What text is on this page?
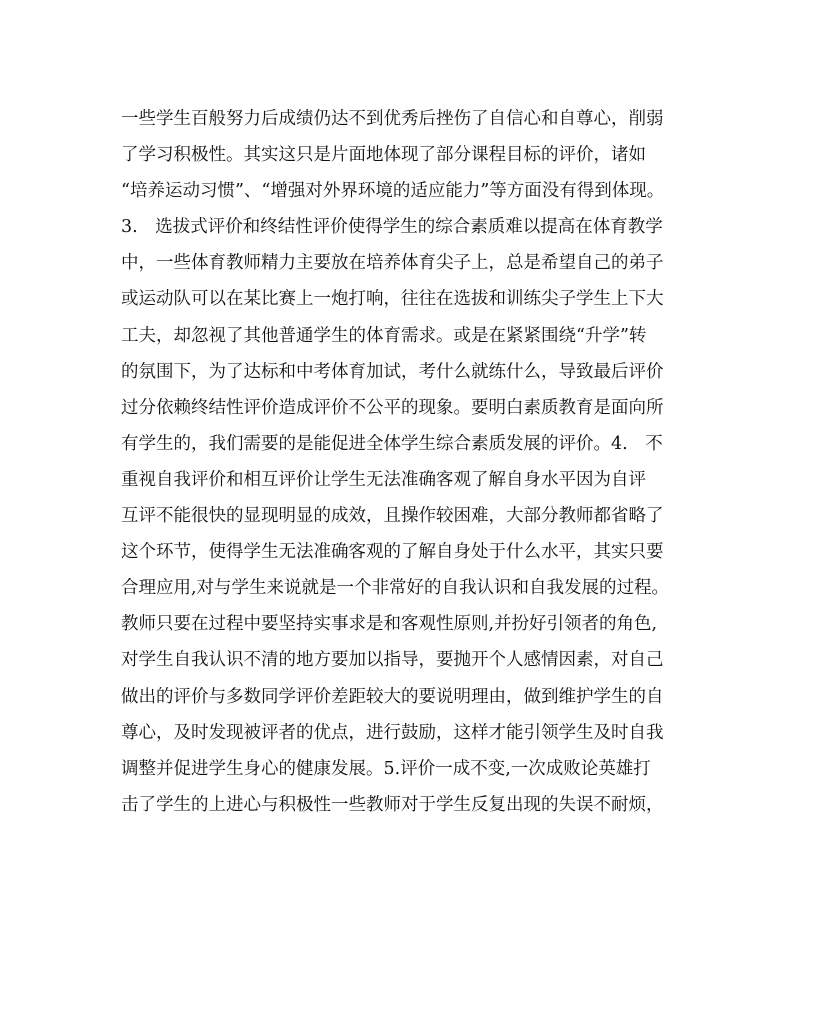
一些学生百般努力后成绩仍达不到优秀后挫伤了自信心和自尊心，削弱
了学习积极性。其实这只是片面地体现了部分课程目标的评价，诸如
“培养运动习惯”、“增强对外界环境的适应能力”等方面没有得到体现。
3.　选拔式评价和终结性评价使得学生的综合素质难以提高在体育教学
中，一些体育教师精力主要放在培养体育尖子上，总是希望自己的弟子
或运动队可以在某比赛上一炮打响，往往在选拔和训练尖子学生上下大
工夫，却忽视了其他普通学生的体育需求。或是在紧紧围绕“升学”转
的氛围下，为了达标和中考体育加试，考什么就练什么，导致最后评价
过分依赖终结性评价造成评价不公平的现象。要明白素质教育是面向所
有学生的，我们需要的是能促进全体学生综合素质发展的评价。4.　不
重视自我评价和相互评价让学生无法准确客观了解自身水平因为自评
互评不能很快的显现明显的成效，且操作较困难，大部分教师都省略了
这个环节，使得学生无法准确客观的了解自身处于什么水平，其实只要
合理应用,对与学生来说就是一个非常好的自我认识和自我发展的过程。
教师只要在过程中要坚持实事求是和客观性原则,并扮好引领者的角色,
对学生自我认识不清的地方要加以指导，要抛开个人感情因素，对自己
做出的评价与多数同学评价差距较大的要说明理由，做到维护学生的自
尊心，及时发现被评者的优点，进行鼓励，这样才能引领学生及时自我
调整并促进学生身心的健康发展。5.评价一成不变,一次成败论英雄打
击了学生的上进心与积极性一些教师对于学生反复出现的失误不耐烦，
